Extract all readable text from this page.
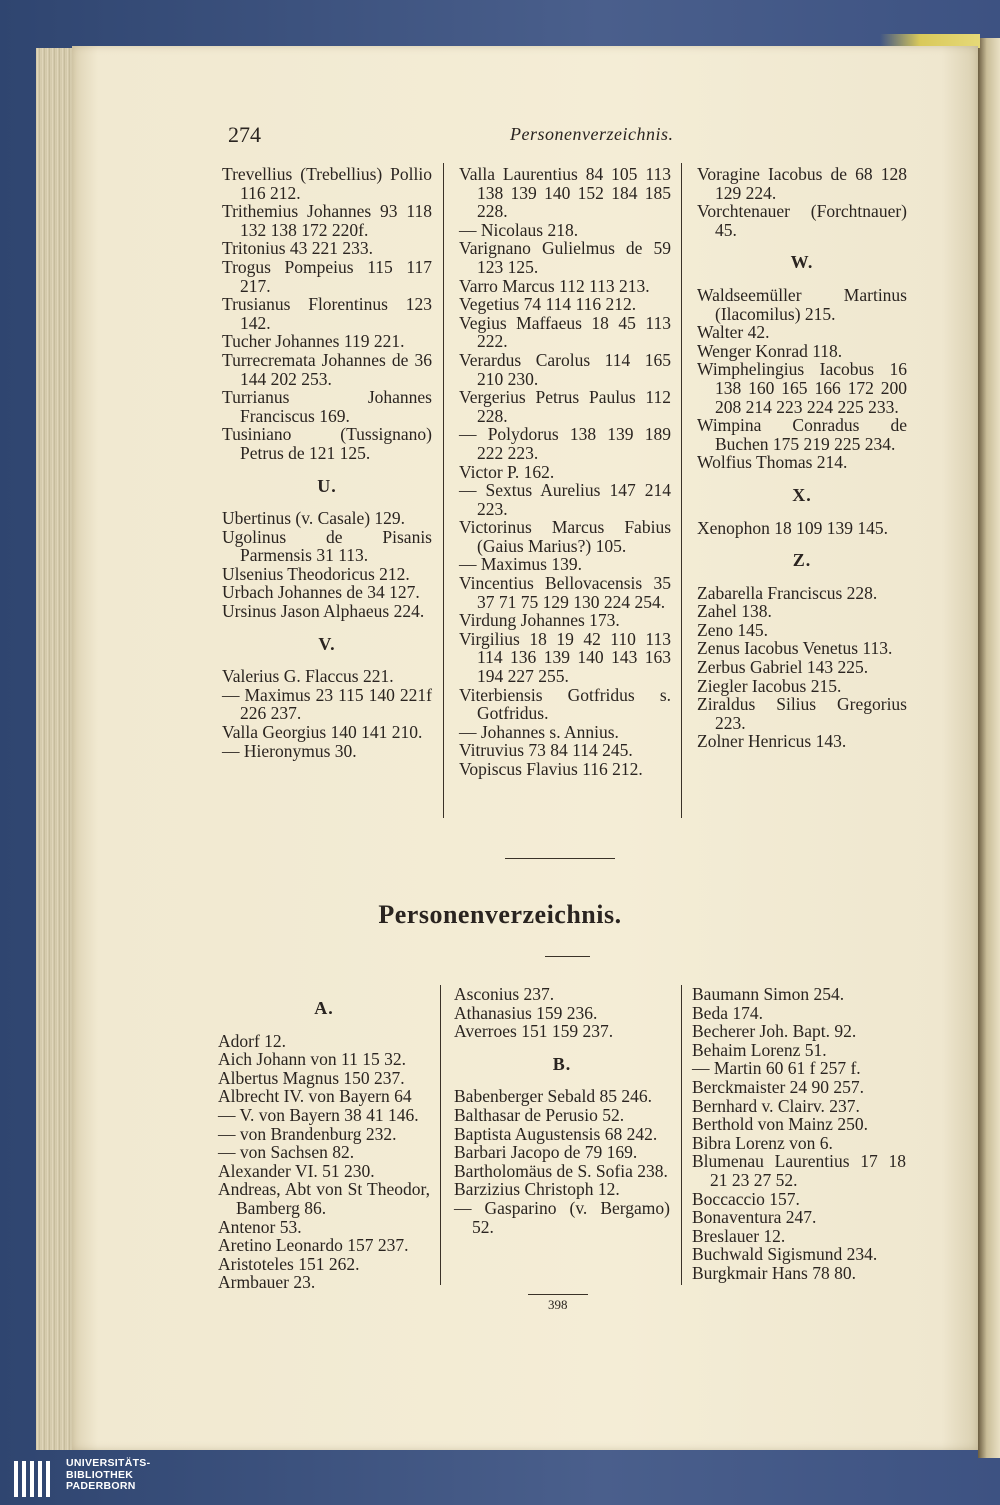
274	Personenverzeichnis.

Trevellius (Trebellius) Pollio 116 212.

Trithemius Johannes 93 118 132 138 172 220f.

Tritonius 43 221 233.

Trogus Pompeius 115 117 217.

Trusianus Florentinus 123 142.

Tucher Johannes 119 221.

Turrecremata Johannes de 36 144 202 253.

Turrianus Johannes Franciscus 169.

Tusiniano (Tussignano) Petrus de 121 125.

U.

Ubertinus (v. Casale) 129.

Ugolinus de Pisanis Parmensis 31 113.

Ulsenius Theodoricus 212.

Urbach Johannes de 34 127.

Ursinus Jason Alphaeus 224.

V.

Valerius G. Flaccus 221.

— Maximus 23 115 140 221f 226 237.

Valla Georgius 140 141 210.

— Hieronymus 30.

Valla Laurentius 84 105 113 138 139 140 152 184 185 228.

— Nicolaus 218.

Varignano Gulielmus de 59 123 125.

Varro Marcus 112 113 213.

Vegetius 74 114 116 212.

Vegius Maffaeus 18 45 113 222.

Verardus Carolus 114 165 210 230.

Vergerius Petrus Paulus 112 228.

— Polydorus 138 139 189 222 223.

Victor P. 162.

— Sextus Aurelius 147 214 223.

Victorinus Marcus Fabius (Gaius Marius?) 105.

— Maximus 139.

Vincentius Bellovacensis 35 37 71 75 129 130 224 254.

Virdung Johannes 173.

Virgilius 18 19 42 110 113 114 136 139 140 143 163 194 227 255.

Viterbiensis Gotfridus s. Gotfridus.

— Johannes s. Annius.

Vitruvius 73 84 114 245.

Vopiscus Flavius 116 212.

Voragine Iacobus de 68 128 129 224.

Vorchtenauer (Forchtnauer) 45.

W.

Waldseemüller Martinus (Ilacomilus) 215.

Walter 42.

Wenger Konrad 118.

Wimphelingius Iacobus 16 138 160 165 166 172 200 208 214 223 224 225 233.

Wimpina Conradus de Buchen 175 219 225 234.

Wolfius Thomas 214.

X.

Xenophon 18 109 139 145.

Z.

Zabarella Franciscus 228.

Zahel 138.

Zeno 145.

Zenus Iacobus Venetus 113.

Zerbus Gabriel 143 225.

Ziegler Iacobus 215.

Ziraldus Silius Gregorius 223.

Zolner Henricus 143.

Personenverzeichnis.

A.

Adorf 12.

Aich Johann von 11 15 32.

Albertus Magnus 150 237.

Albrecht IV. von Bayern 64

— V. von Bayern 38 41 146.

— von Brandenburg 232.

— von Sachsen 82.

Alexander VI. 51 230.

Andreas, Abt von St Theodor, Bamberg 86.

Antenor 53.

Aretino Leonardo 157 237.

Aristoteles 151 262.

Armbauer 23.

Asconius 237.

Athanasius 159 236.

Averroes 151 159 237.

B.

Babenberger Sebald 85 246.

Balthasar de Perusio 52.

Baptista Augustensis 68 242.

Barbari Jacopo de 79 169.

Bartholomäus de S. Sofia 238.

Barzizius Christoph 12.

— Gasparino (v. Bergamo) 52.

Baumann Simon 254.

Beda 174.

Becherer Joh. Bapt. 92.

Behaim Lorenz 51.

— Martin 60 61 f 257 f.

Berckmaister 24 90 257.

Bernhard v. Clairv. 237.

Berthold von Mainz 250.

Bibra Lorenz von 6.

Blumenau Laurentius 17 18 21 23 27 52.

Boccaccio 157.

Bonaventura 247.

Breslauer 12.

Buchwald Sigismund 234.

Burgkmair Hans 78 80.

398
UNIVERSITÄTS-
BIBLIOTHEK
PADERBORN
